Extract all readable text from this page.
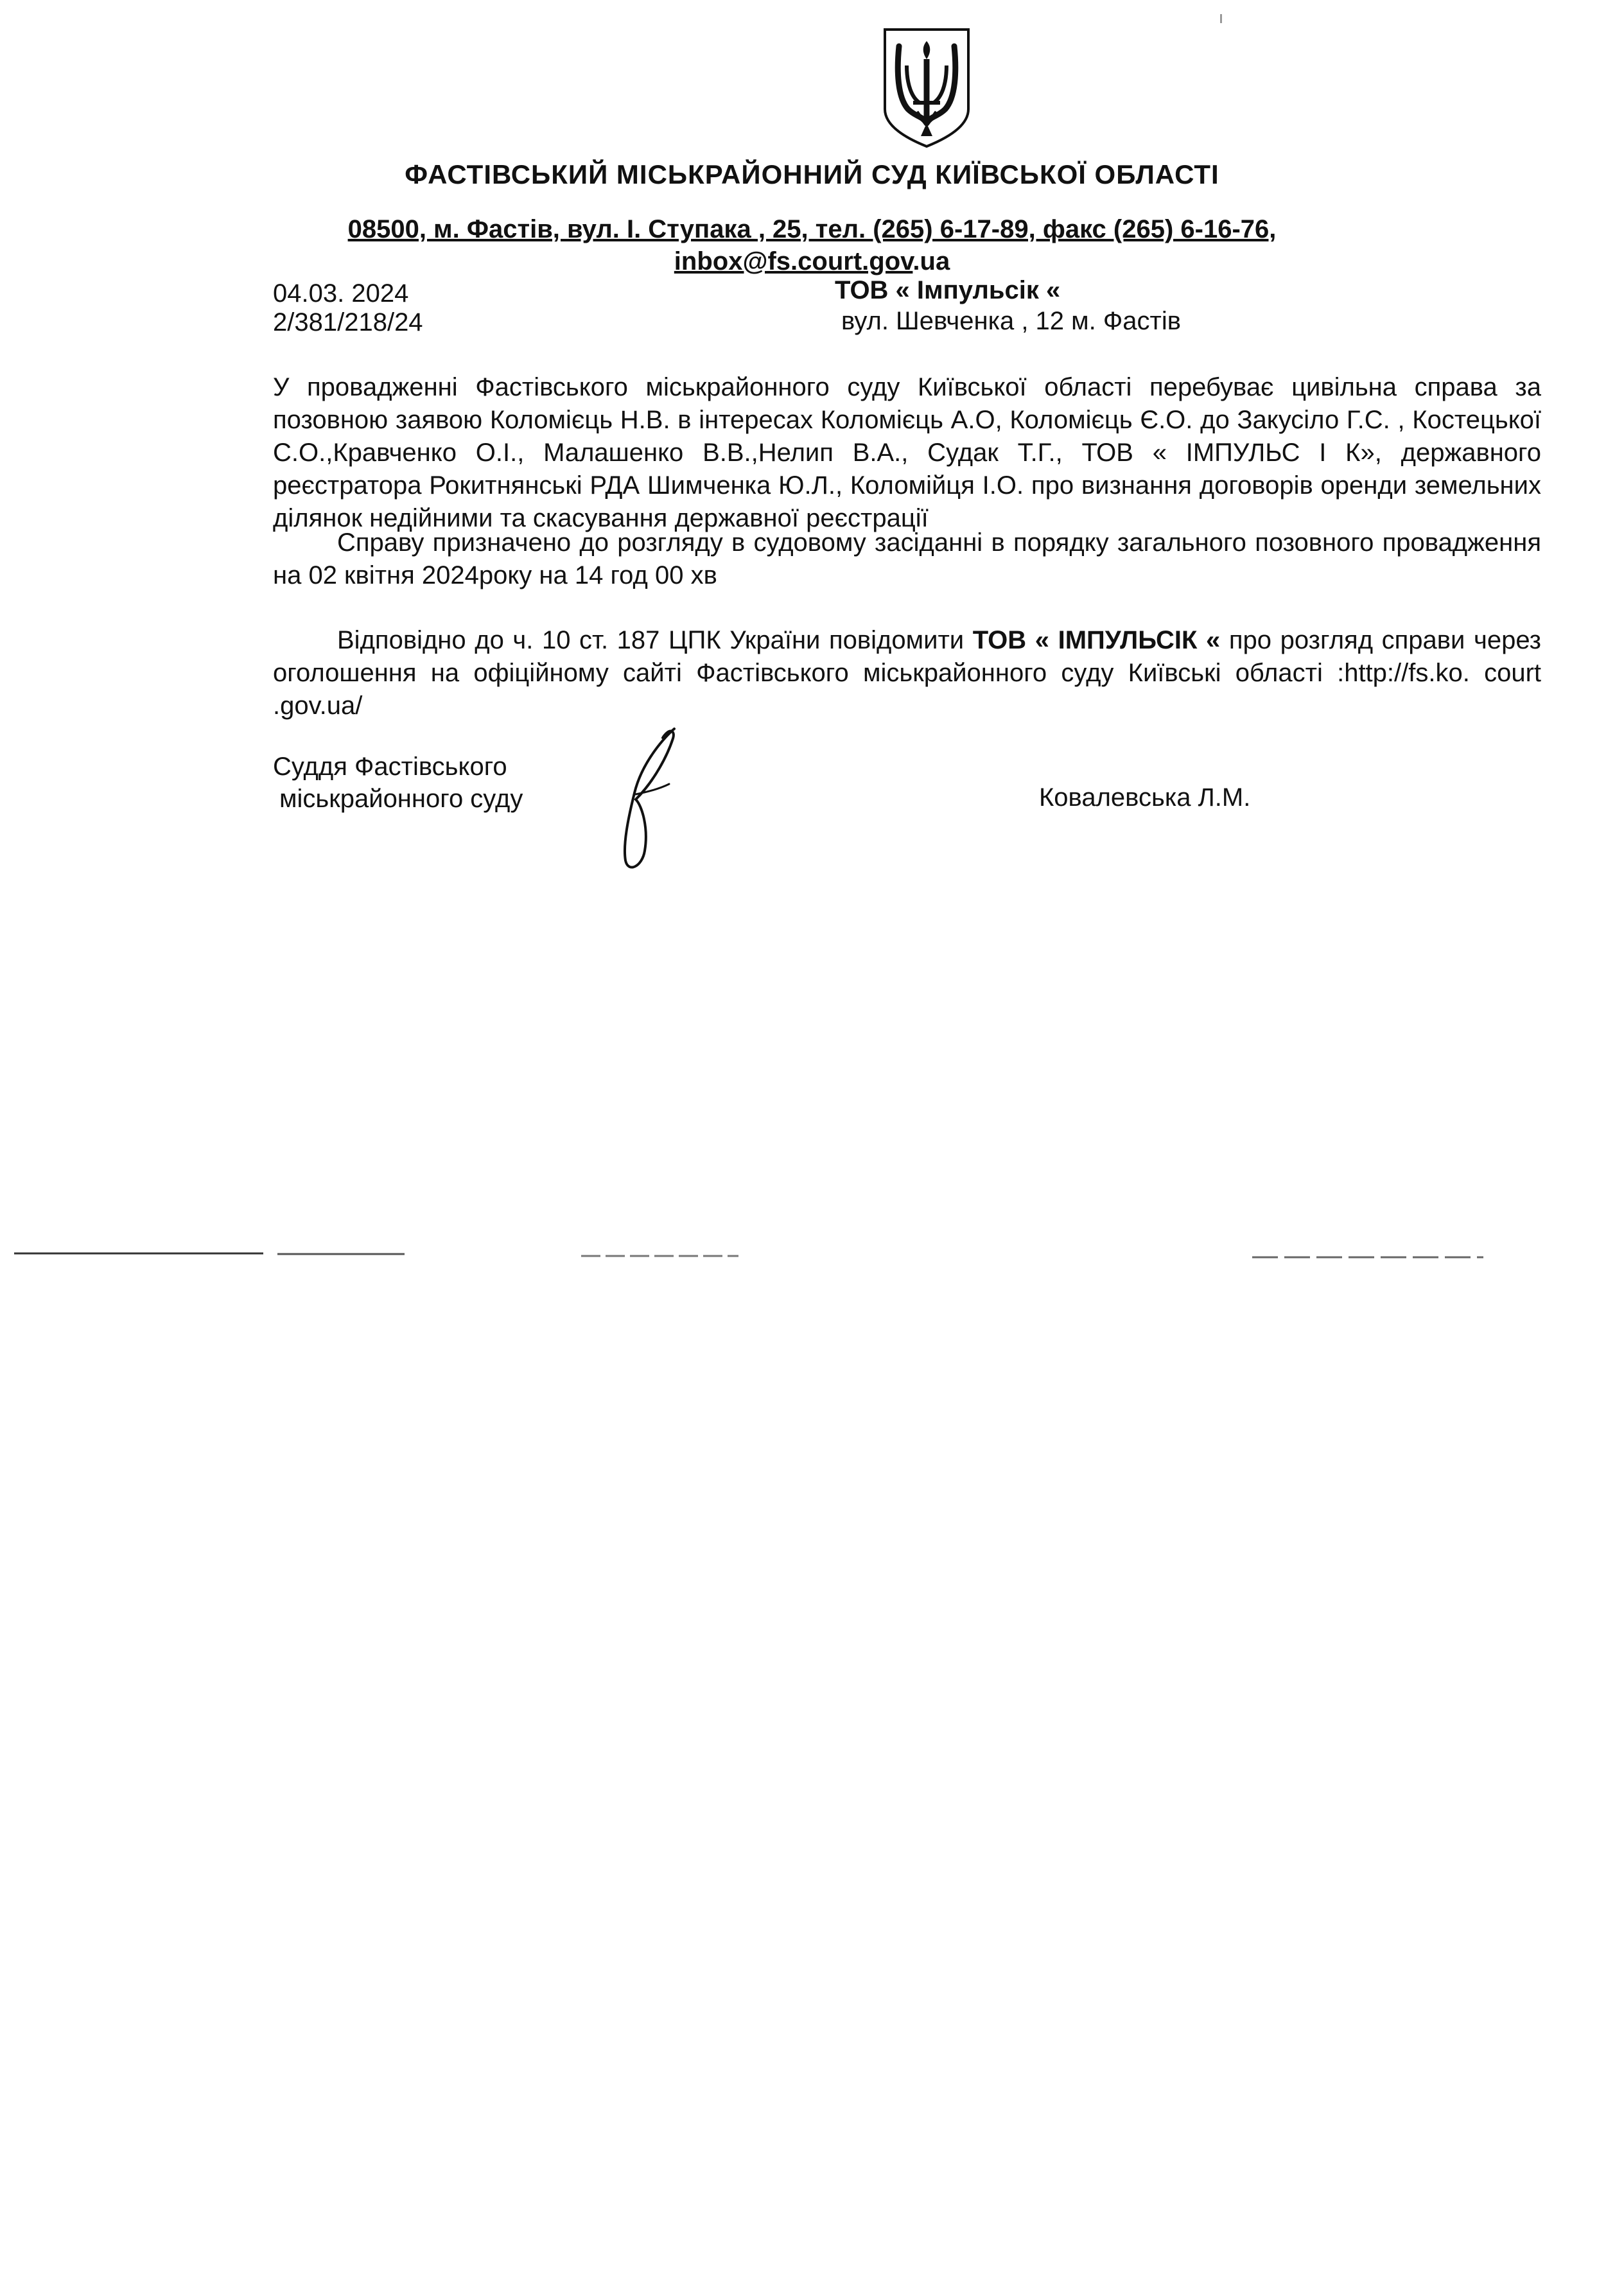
ФАСТІВСЬКИЙ МІСЬКРАЙОННИЙ СУД КИЇВСЬКОЇ ОБЛАСТІ
08500, м. Фастів, вул. І. Ступака , 25, тел. (265) 6-17-89, факс (265) 6-16-76,
inbox@fs.court.gov.ua
04.03. 2024
2/381/218/24
ТОВ « Імпульсік «
вул. Шевченка , 12 м. Фастів
У провадженні Фастівського міськрайонного суду Київської області перебуває цивільна справа за позовною заявою Коломієць Н.В. в інтересах Коломієць А.О, Коломієць Є.О. до Закусіло Г.С. , Костецької С.О.,Кравченко О.І., Малашенко В.В.,Нелип В.А., Судак Т.Г., ТОВ « ІМПУЛЬС І К», державного реєстратора Рокитнянські РДА Шимченка Ю.Л., Коломійця І.О. про визнання договорів оренди земельних ділянок недійними та скасування державної реєстрації
Справу призначено до розгляду в судовому засіданні в порядку загального позовного провадження на 02 квітня 2024року на 14 год 00 хв
Відповідно до ч. 10 ст. 187 ЦПК України повідомити ТОВ « ІМПУЛЬСІК « про розгляд справи через оголошення на офіційному сайті Фастівського міськрайонного суду Київські області :http://fs.ko. court .gov.ua/
Суддя Фастівського
міськрайонного суду	Ковалевська Л.М.
